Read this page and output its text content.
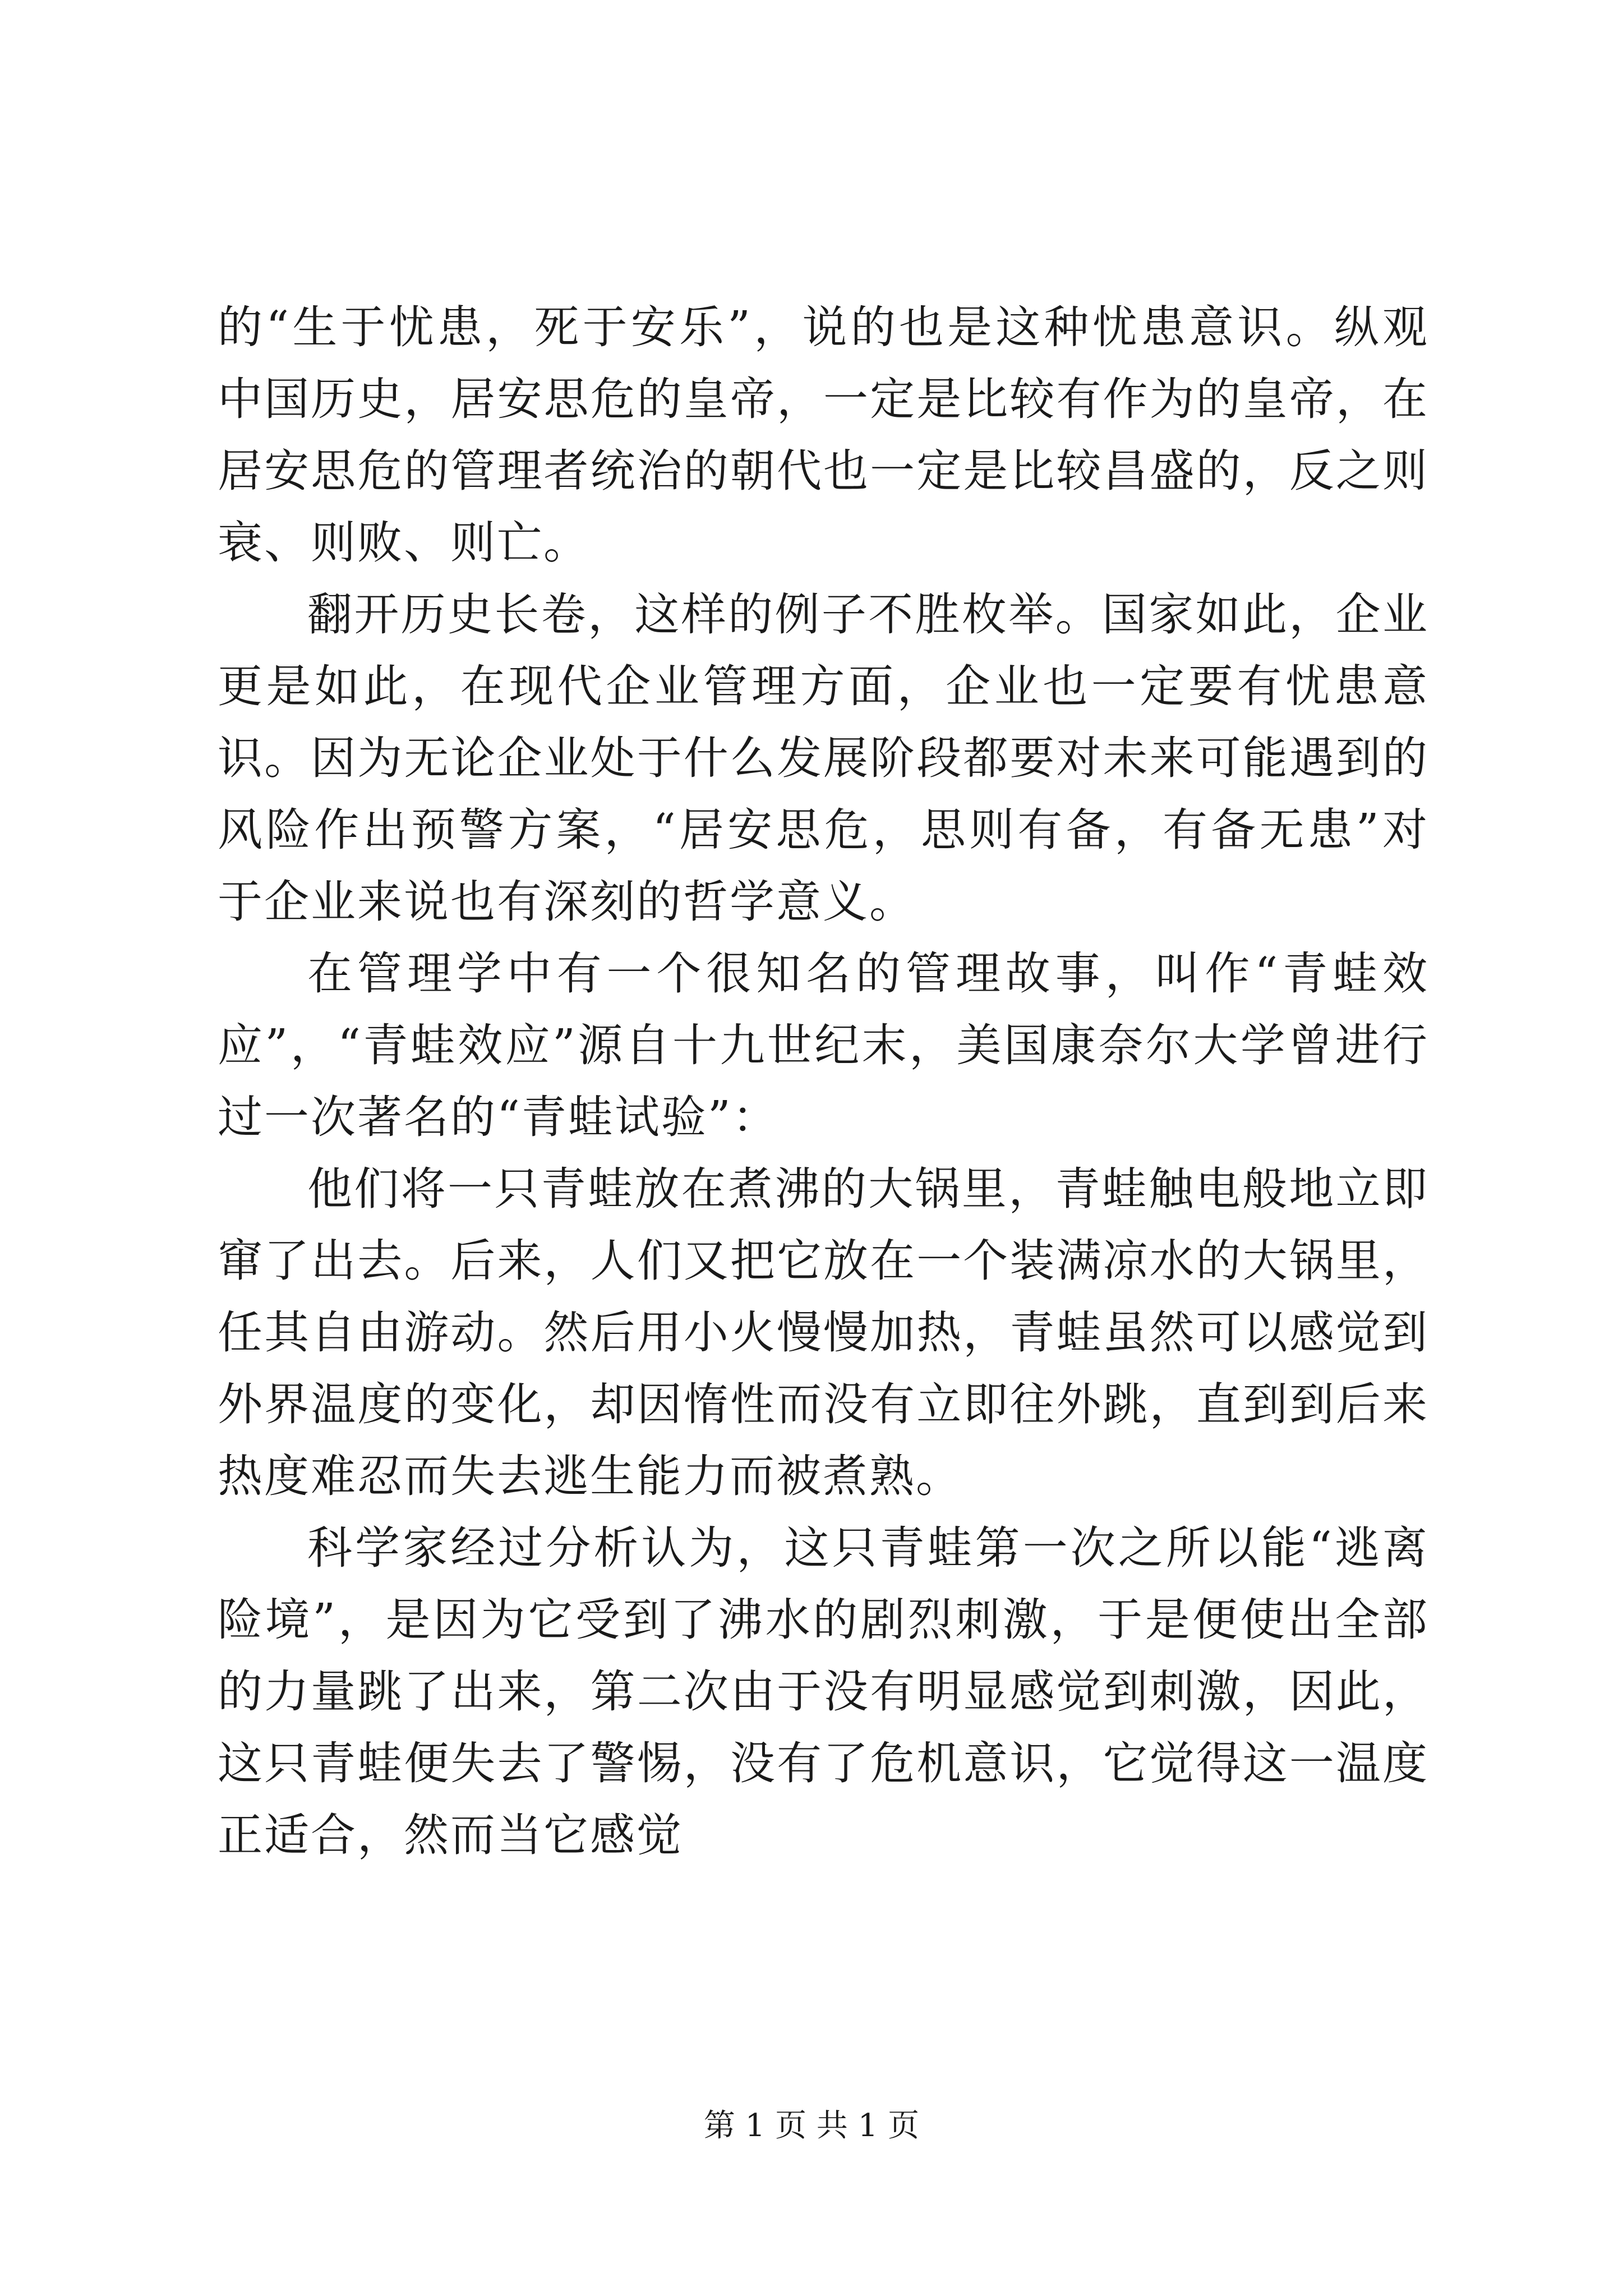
的“生于忧患，死于安乐”，说的也是这种忧患意识。纵观中国历史，居安思危的皇帝，一定是比较有作为的皇帝，在居安思危的管理者统治的朝代也一定是比较昌盛的，反之则衰、则败、则亡。

翻开历史长卷，这样的例子不胜枚举。国家如此，企业更是如此，在现代企业管理方面，企业也一定要有忧患意识。因为无论企业处于什么发展阶段都要对未来可能遇到的风险作出预警方案，“居安思危，思则有备，有备无患”对于企业来说也有深刻的哲学意义。

在管理学中有一个很知名的管理故事，叫作“青蛙效应”，“青蛙效应”源自十九世纪末，美国康奈尔大学曾进行过一次著名的“青蛙试验”：

他们将一只青蛙放在煮沸的大锅里，青蛙触电般地立即窜了出去。后来，人们又把它放在一个装满凉水的大锅里，任其自由游动。然后用小火慢慢加热，青蛙虽然可以感觉到外界温度的变化，却因惰性而没有立即往外跳，直到到后来热度难忍而失去逃生能力而被煮熟。

科学家经过分析认为，这只青蛙第一次之所以能“逃离险境”，是因为它受到了沸水的剧烈刺激，于是便使出全部的力量跳了出来，第二次由于没有明显感觉到刺激，因此，这只青蛙便失去了警惕，没有了危机意识，它觉得这一温度正适合，然而当它感觉

第 1 页 共 1 页
